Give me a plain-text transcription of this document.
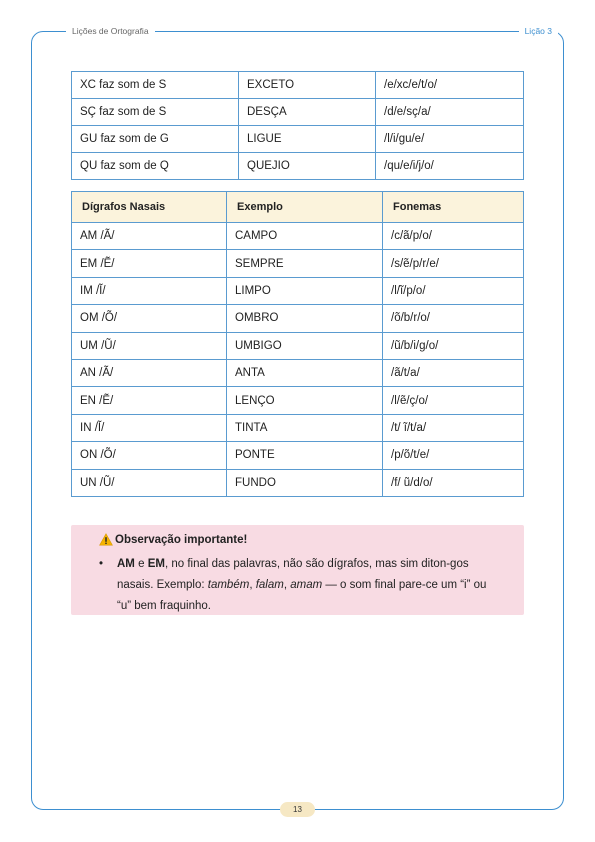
Lições de Ortografia	Lição 3
XC faz som de S	EXCETO	/e/xc/e/t/o/
SÇ faz som de S	DESÇA	/d/e/sç/a/
GU faz som de G	LIGUE	/l/i/gu/e/
QU faz som de Q	QUEJIO	/qu/e/i/j/o/
Dígrafos Nasais	Exemplo	Fonemas
AM /Ã/	CAMPO	/c/ã/p/o/
EM /Ẽ/	SEMPRE	/s/ẽ/p/r/e/
IM /Ĩ/	LIMPO	/l/ĩ/p/o/
OM /Õ/	OMBRO	/õ/b/r/o/
UM /Ũ/	UMBIGO	/ũ/b/i/g/o/
AN /Ã/	ANTA	/ã/t/a/
EN /Ẽ/	LENÇO	/l/ẽ/ç/o/
IN /Ĩ/	TINTA	/t/ ĩ/t/a/
ON /Õ/	PONTE	/p/õ/t/e/
UN /Ũ/	FUNDO	/f/ ũ/d/o/
Observação importante!
• AM e EM, no final das palavras, não são dígrafos, mas sim diton-gos nasais. Exemplo: também, falam, amam — o som final pare-ce um “i” ou “u” bem fraquinho.
13
